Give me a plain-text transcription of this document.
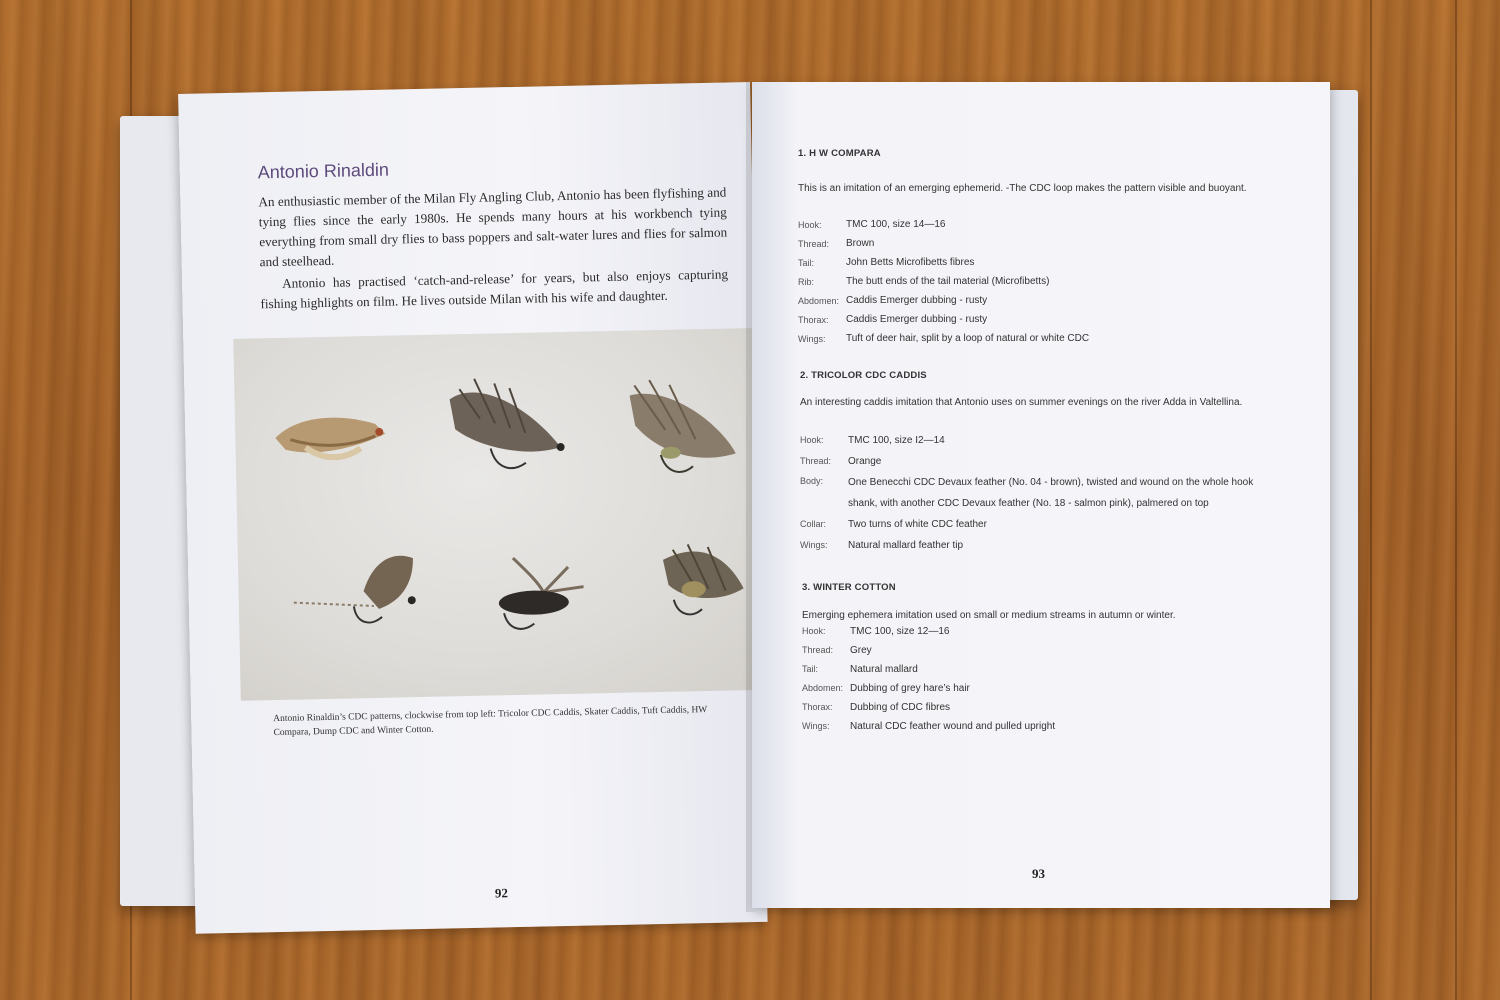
Antonio Rinaldin
An enthusiastic member of the Milan Fly Angling Club, Antonio has been flyfishing and tying flies since the early 1980s. He spends many hours at his workbench tying everything from small dry flies to bass poppers and salt-water lures and flies for salmon and steelhead.
Antonio has practised ‘catch-and-release’ for years, but also enjoys capturing fishing highlights on film. He lives outside Milan with his wife and daughter.
Antonio Rinaldin’s CDC patterns, clockwise from top left: Tricolor CDC Caddis, Skater Caddis, Tuft Caddis, HW Compara, Dump CDC and Winter Cotton.
92
1. H W COMPARA
This is an imitation of an emerging ephemerid. -The CDC loop makes the pattern visible and buoyant.
Hook: TMC 100, size 14—16
Thread: Brown
Tail:	John Betts Microfibetts fibres
Rib:	The butt ends of the tail material (Microfibetts)
Abdomen: Caddis Emerger dubbing - rusty
Thorax: Caddis Emerger dubbing - rusty
Wings: Tuft of deer hair, split by a loop of natural or white CDC
2. TRICOLOR CDC CADDIS
An interesting caddis imitation that Antonio uses on summer evenings on the river Adda in Valtellina.
Hook: TMC 100, size I2—14
Thread: Orange
Body: One Benecchi CDC Devaux feather (No. 04 - brown), twisted and wound on the whole hook shank, with another CDC Devaux feather (No. 18 - salmon pink), palmered on top
Collar: Two turns of white CDC feather
Wings: Natural mallard feather tip
3. WINTER COTTON
Emerging ephemera imitation used on small or medium streams in autumn or winter.
Hook: TMC 100, size 12—16
Thread: Grey
Tail:	Natural mallard
Abdomen: Dubbing of grey hare’s hair
Thorax: Dubbing of CDC fibres
Wings: Natural CDC feather wound and pulled upright
93
